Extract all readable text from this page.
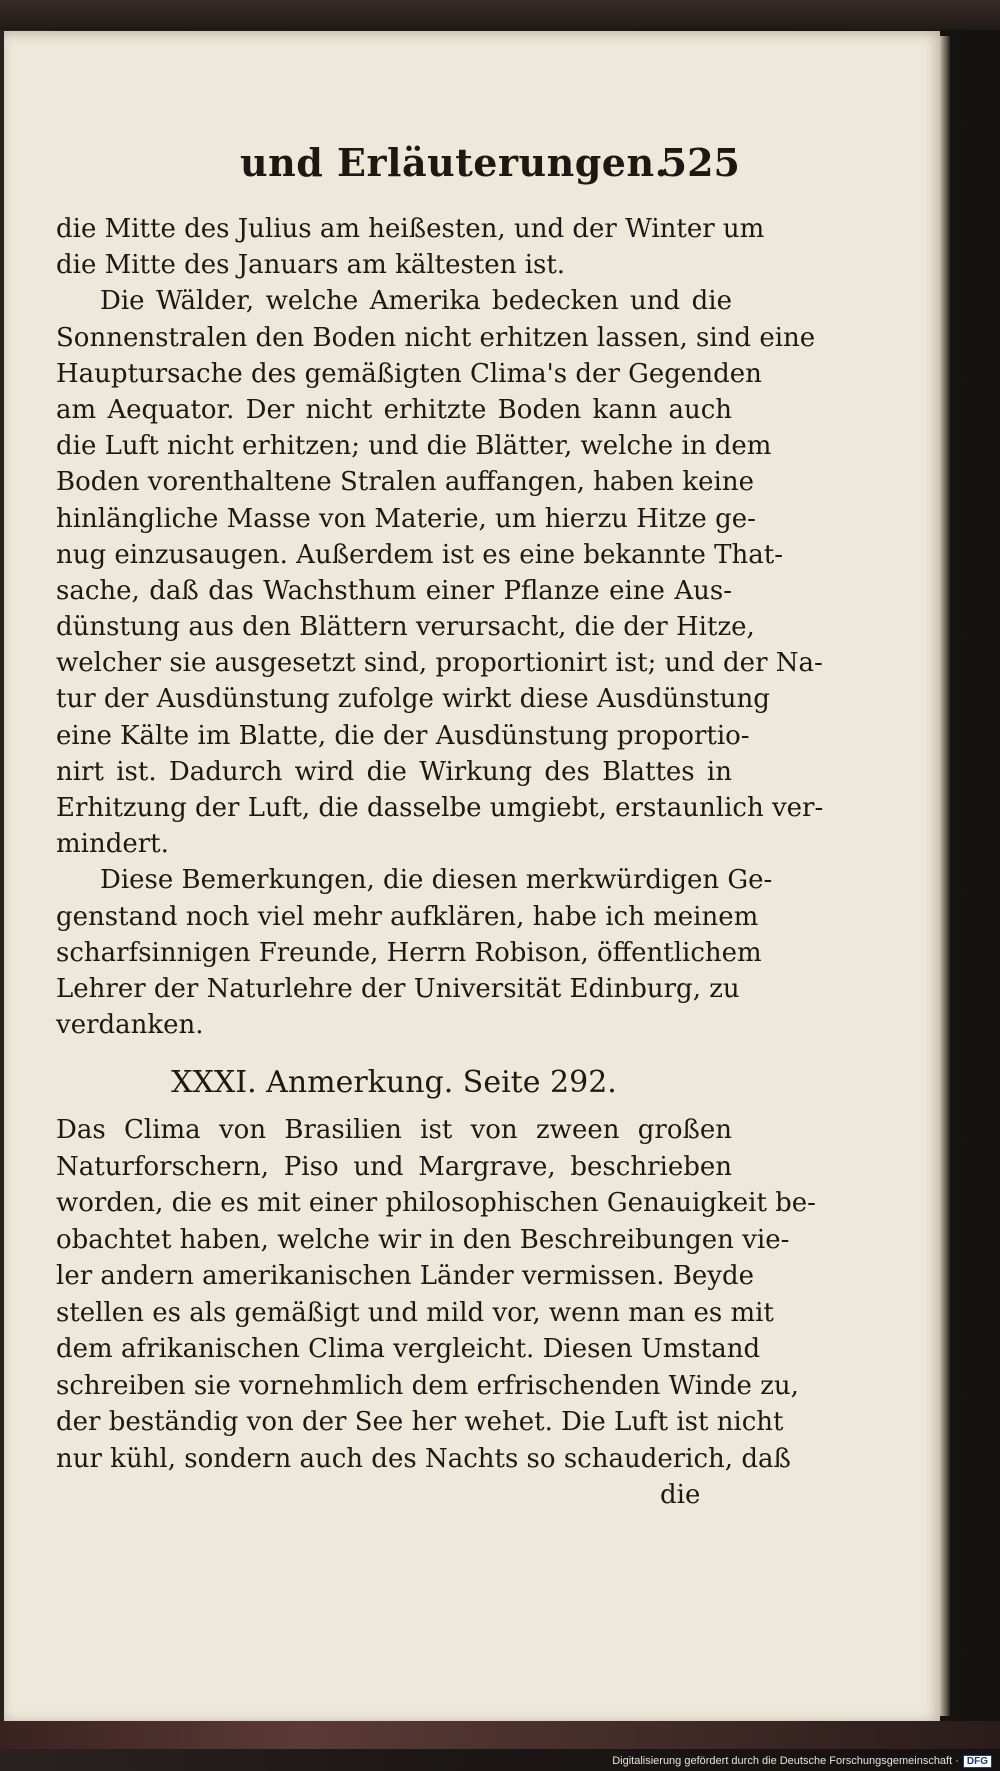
und Erläuterungen.
525
die Mitte des Julius am heißesten, und der Winter um
die Mitte des Januars am kältesten ist.
Die Wälder, welche Amerika bedecken und die
Sonnenstralen den Boden nicht erhitzen lassen, sind eine
Hauptursache des gemäßigten Clima's der Gegenden
am Aequator. Der nicht erhitzte Boden kann auch
die Luft nicht erhitzen; und die Blätter, welche in dem
Boden vorenthaltene Stralen auffangen, haben keine
hinlängliche Masse von Materie, um hierzu Hitze ge-
nug einzusaugen. Außerdem ist es eine bekannte That-
sache, daß das Wachsthum einer Pflanze eine Aus-
dünstung aus den Blättern verursacht, die der Hitze,
welcher sie ausgesetzt sind, proportionirt ist; und der Na-
tur der Ausdünstung zufolge wirkt diese Ausdünstung
eine Kälte im Blatte, die der Ausdünstung proportio-
nirt ist. Dadurch wird die Wirkung des Blattes in
Erhitzung der Luft, die dasselbe umgiebt, erstaunlich ver-
mindert.
Diese Bemerkungen, die diesen merkwürdigen Ge-
genstand noch viel mehr aufklären, habe ich meinem
scharfsinnigen Freunde, Herrn Robison, öffentlichem
Lehrer der Naturlehre der Universität Edinburg, zu
verdanken.
XXXI. Anmerkung. Seite 292.
Das Clima von Brasilien ist von zween großen
Naturforschern, Piso und Margrave, beschrieben
worden, die es mit einer philosophischen Genauigkeit be-
obachtet haben, welche wir in den Beschreibungen vie-
ler andern amerikanischen Länder vermissen. Beyde
stellen es als gemäßigt und mild vor, wenn man es mit
dem afrikanischen Clima vergleicht. Diesen Umstand
schreiben sie vornehmlich dem erfrischenden Winde zu,
der beständig von der See her wehet. Die Luft ist nicht
nur kühl, sondern auch des Nachts so schauderich, daß
die
Digitalisierung gefördert durch die Deutsche Forschungsgemeinschaft · DFG
